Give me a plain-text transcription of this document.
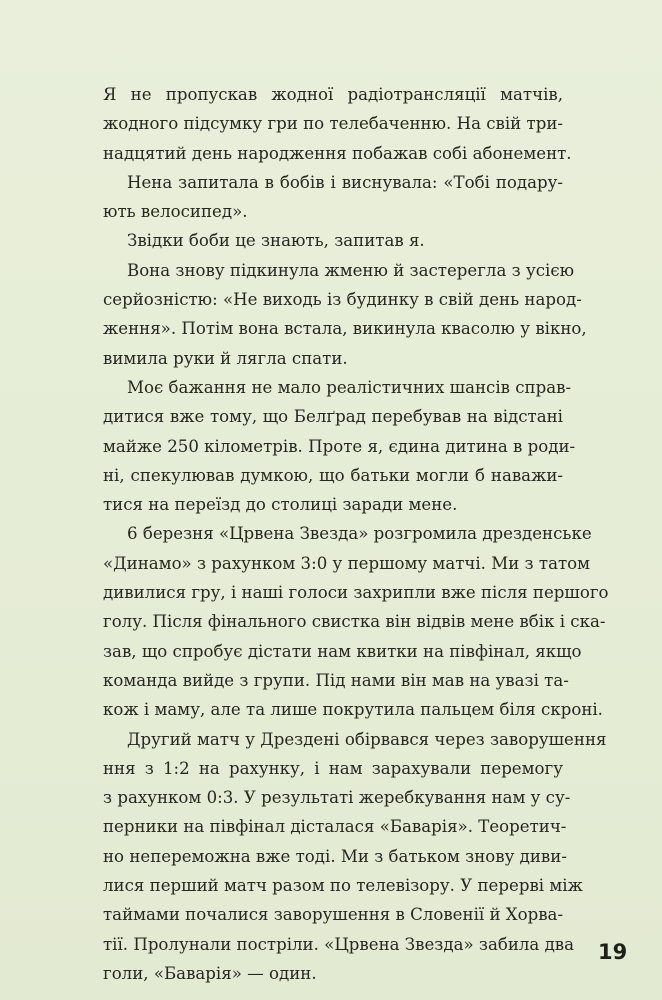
Я не пропускав жодної радіотрансляції матчів,
жодного підсумку гри по телебаченню. На свій три-
надцятий день народження побажав собі абонемент.
Нена запитала в бобів і виснувала: «Тобі подару-
ють велосипед».
Звідки боби це знають, запитав я.
Вона знову підкинула жменю й застерегла з усією
серйозністю: «Не виходь із будинку в свій день народ-
ження». Потім вона встала, викинула квасолю у вікно,
вимила руки й лягла спати.
Моє бажання не мало реалістичних шансів справ-
дитися вже тому, що Белґрад перебував на відстані
майже 250 кілометрів. Проте я, єдина дитина в роди-
ні, спекулював думкою, що батьки могли б наважи-
тися на переїзд до столиці заради мене.
6 березня «Црвена Звезда» розгромила дрезденське
«Динамо» з рахунком 3:0 у першому матчі. Ми з татом
дивилися гру, і наші голоси захрипли вже після першого
голу. Після фінального свистка він відвів мене вбік і ска-
зав, що спробує дістати нам квитки на півфінал, якщо
команда вийде з групи. Під нами він мав на увазі та-
кож і маму, але та лише покрутила пальцем біля скроні.
Другий матч у Дрездені обірвався через заворушення
ння з 1:2 на рахунку, і нам зарахували перемогу
з рахунком 0:3. У результаті жеребкування нам у су-
перники на півфінал дісталася «Баварія». Теоретич-
но непереможна вже тоді. Ми з батьком знову диви-
лися перший матч разом по телевізору. У перерві між
таймами почалися заворушення в Словенії й Хорва-
тії. Пролунали постріли. «Црвена Звезда» забила два
голи, «Баварія» — один.
19
